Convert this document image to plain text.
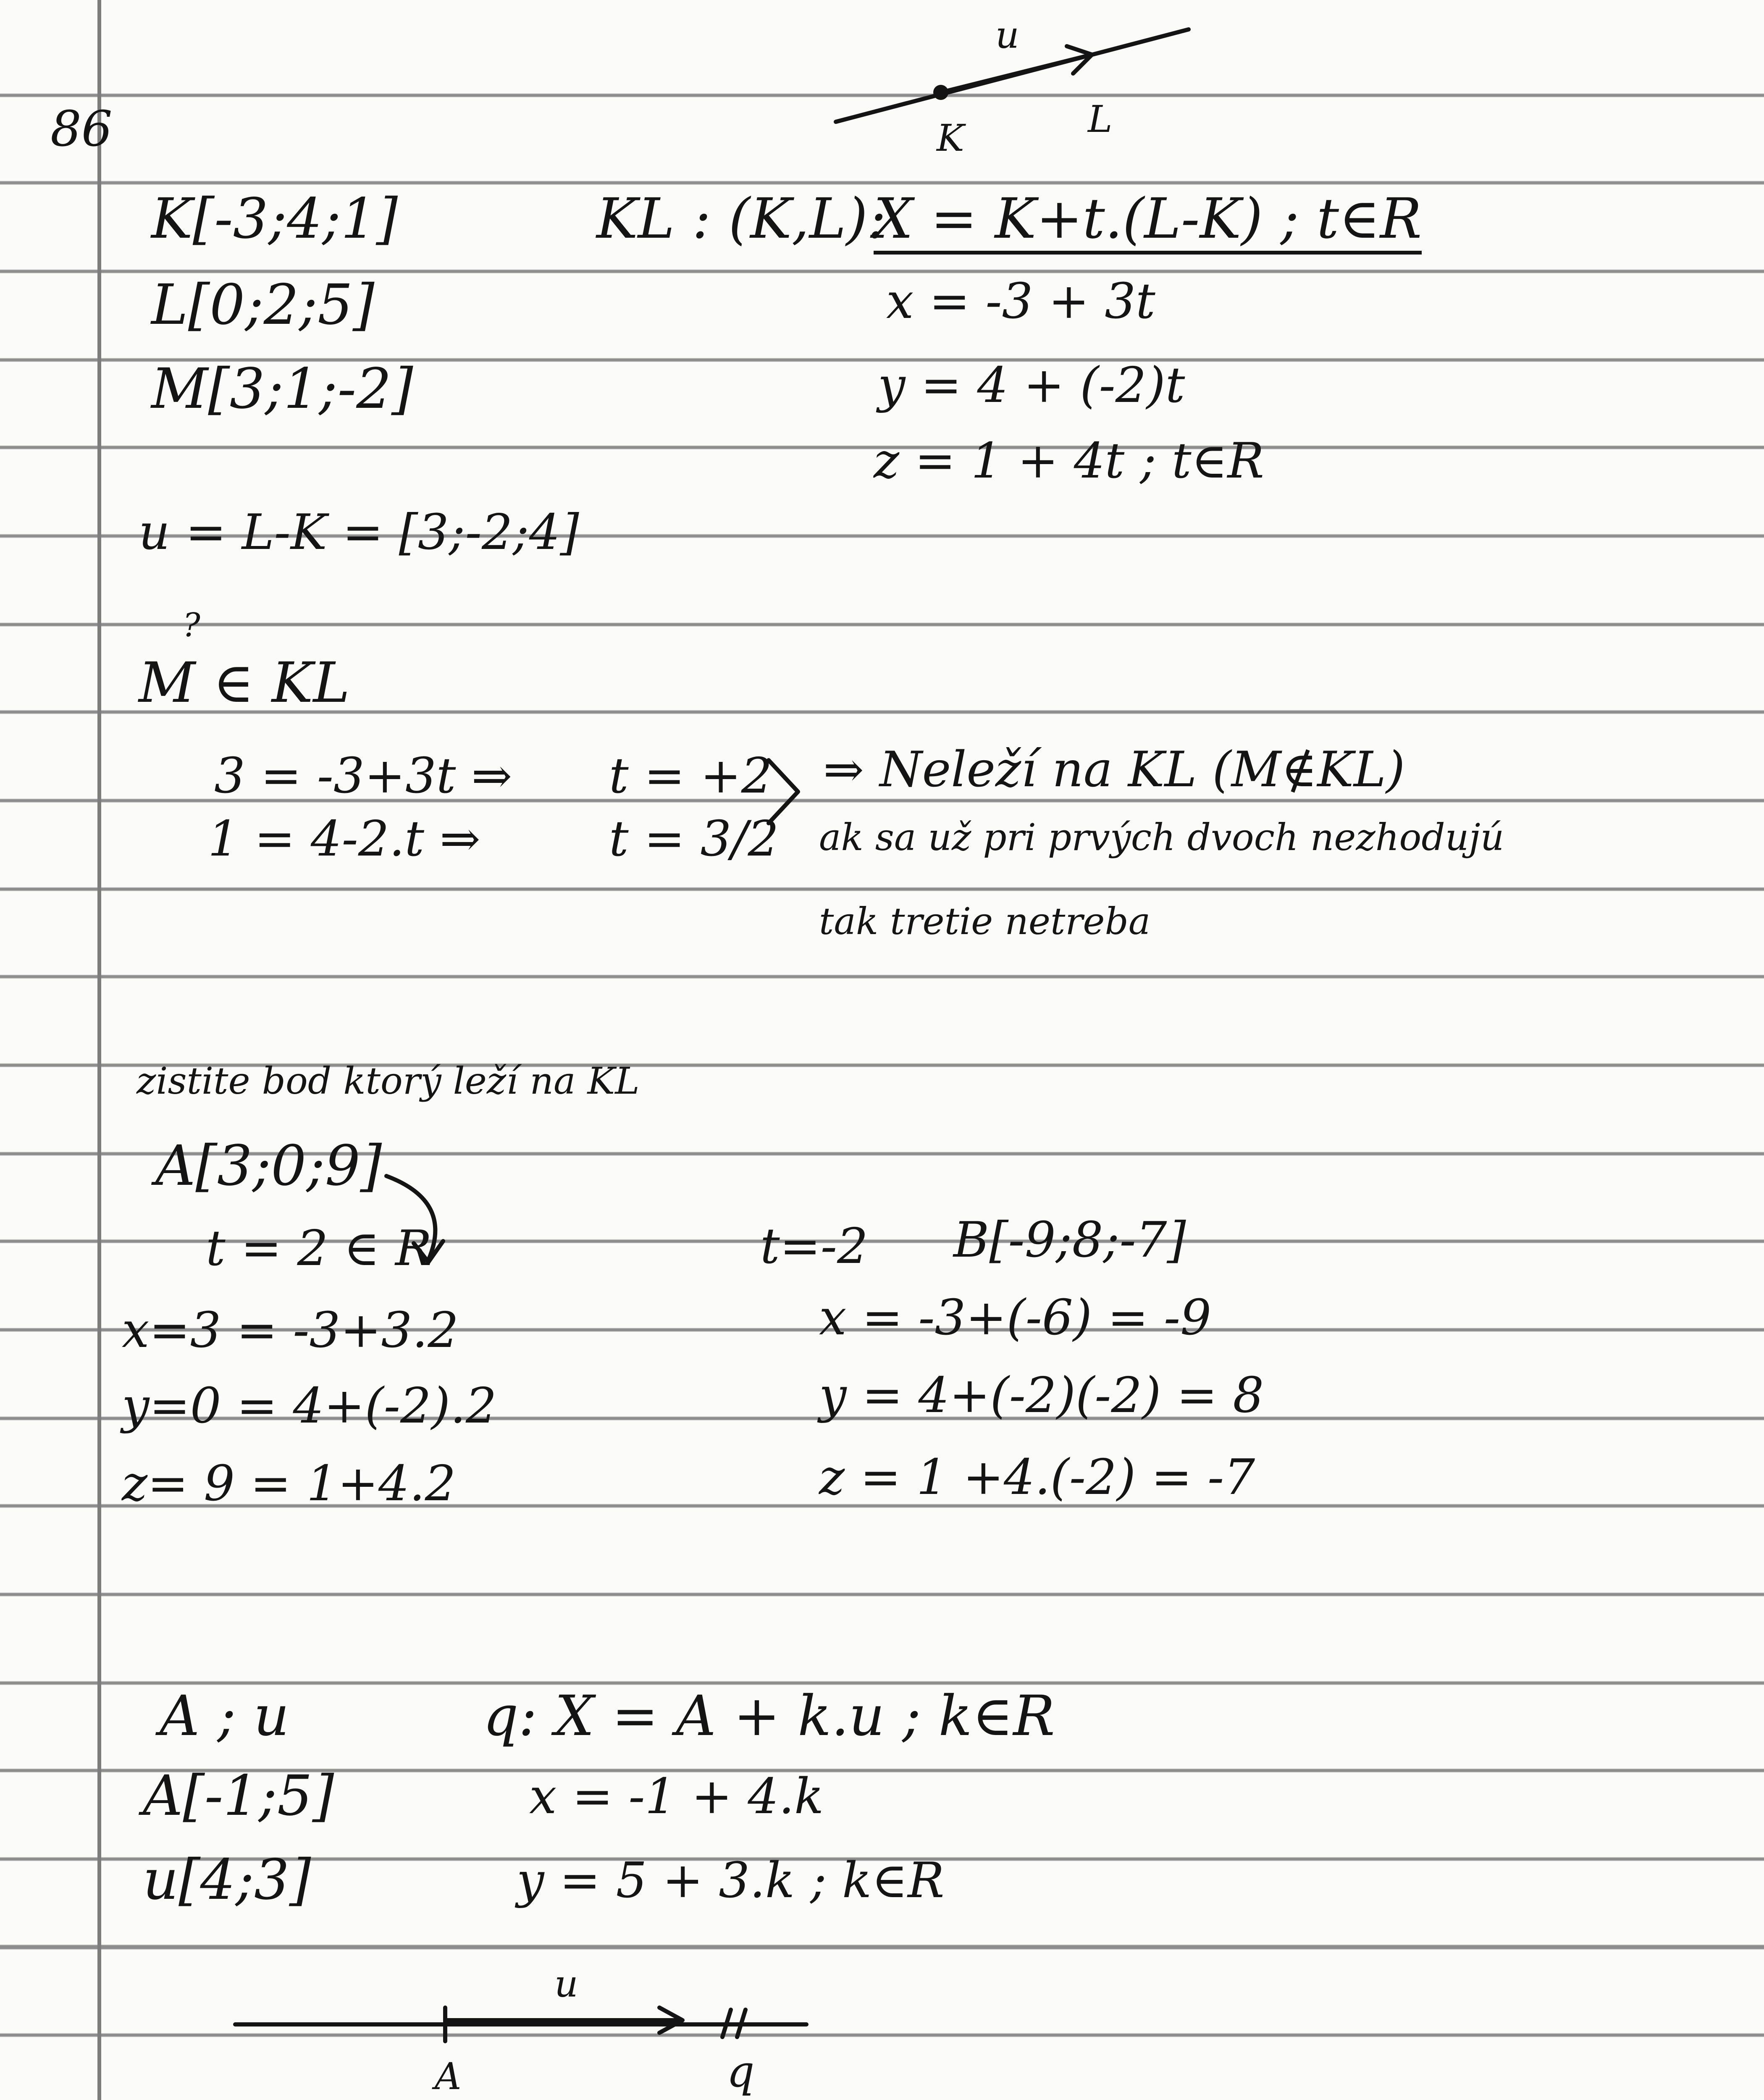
86
K[-3;4;1]
L[0;2;5]
M[3;1;-2]
KL : (K,L):
X = K+t.(L-K) ; t∈R
x = -3 + 3t
y = 4 + (-2)t
z = 1 + 4t ; t∈R
u = L-K = [3;-2;4]
u
K	L
?
M ∈ KL
3 = -3+3t ⇒ t = +2
1 = 4-2.t ⇒	t = 3/2
⇒ Neleží na KL (M∉KL)
ak sa už pri prvých dvoch nezhodujú
tak tretie netreba
zistite bod ktorý leží na KL
A[3;0;9]
t = 2 ∈ R
x=3 = -3+3.2
y=0 = 4+(-2).2
z= 9 = 1+4.2
t=-2 B[-9;8;-7]
x = -3+(-6) = -9
y = 4+(-2)(-2) = 8
z = 1 +4.(-2) = -7
A ; u
A[-1;5]
u[4;3]
q: X = A + k.u ; k∈R
x = -1 + 4.k
y = 5 + 3.k ; k∈R
u
A	q
